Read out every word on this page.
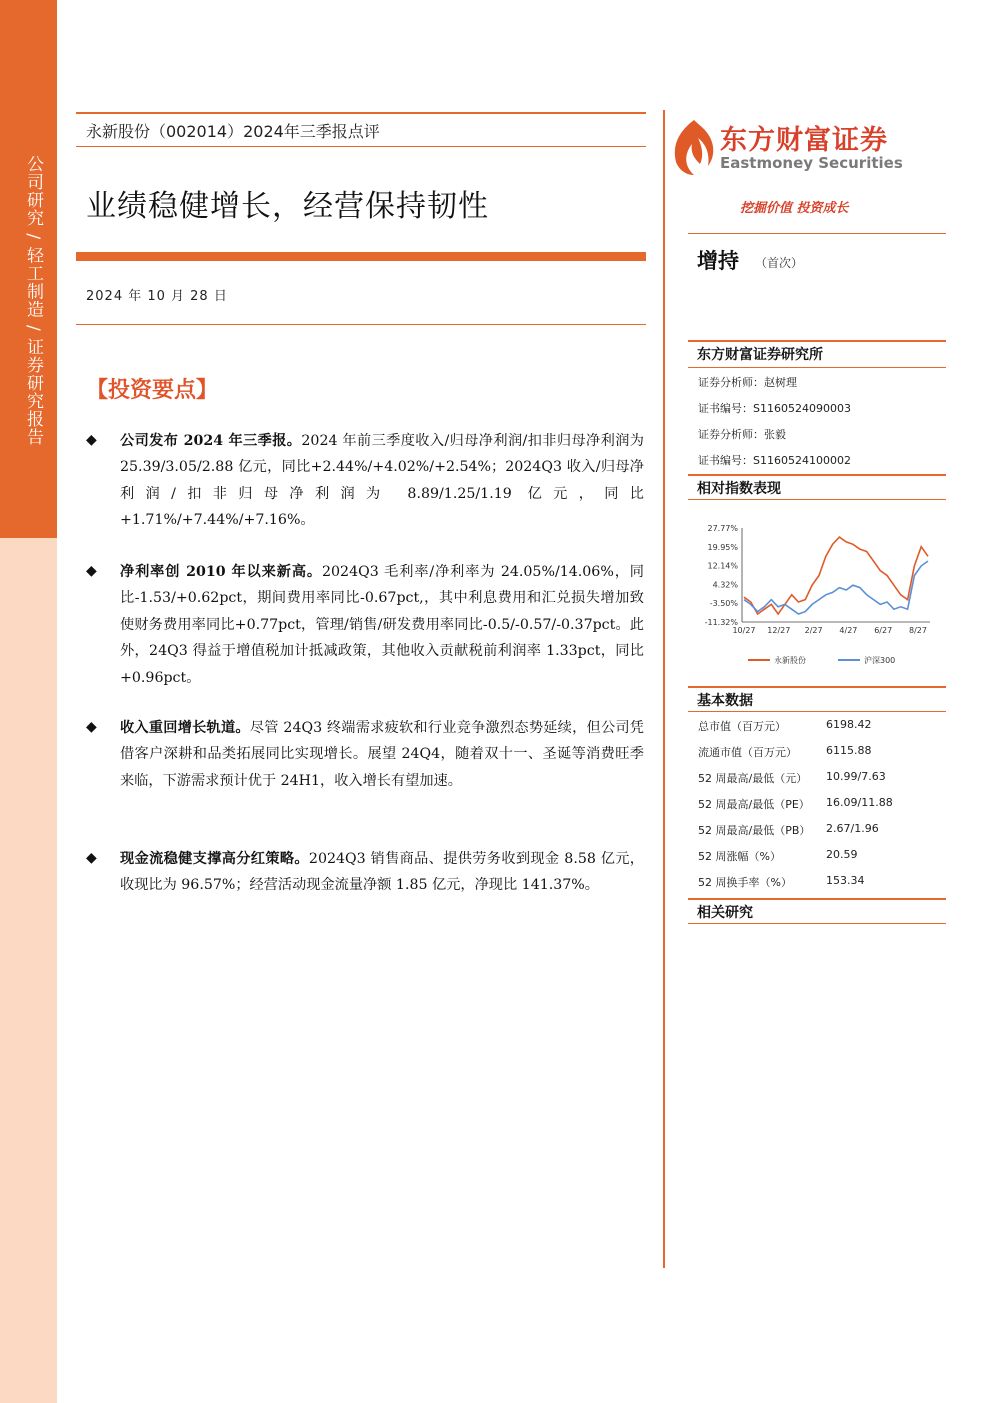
公司研究 / 轻工制造 / 证券研究报告
永新股份（002014）2024年三季报点评
业绩稳健增长，经营保持韧性
2024 年 10 月 28 日
【投资要点】
◆ 公司发布 2024 年三季报。2024 年前三季度收入/归母净利润/扣非归母净利润为 25.39/3.05/2.88 亿元，同比+2.44%/+4.02%/+2.54%；2024Q3 收入/归母净利润/扣非归母净利润为 8.89/1.25/1.19 亿元，同比+1.71%/+7.44%/+7.16%。
◆ 净利率创 2010 年以来新高。2024Q3 毛利率/净利率为 24.05%/14.06%，同比-1.53/+0.62pct，期间费用率同比-0.67pct,，其中利息费用和汇兑损失增加致使财务费用率同比+0.77pct，管理/销售/研发费用率同比-0.5/-0.57/-0.37pct。此外，24Q3 得益于增值税加计抵减政策，其他收入贡献税前利润率 1.33pct，同比+0.96pct。
◆ 收入重回增长轨道。尽管 24Q3 终端需求疲软和行业竞争激烈态势延续，但公司凭借客户深耕和品类拓展同比实现增长。展望 24Q4，随着双十一、圣诞等消费旺季来临，下游需求预计优于 24H1，收入增长有望加速。
◆ 现金流稳健支撑高分红策略。2024Q3 销售商品、提供劳务收到现金 8.58 亿元，收现比为 96.57%；经营活动现金流量净额 1.85 亿元，净现比 141.37%。
东方财富证券
Eastmoney Securities
挖掘价值 投资成长
增持 （首次）
东方财富证券研究所
证券分析师：赵树理
证书编号：S1160524090003
证券分析师：张毅
证书编号：S1160524100002
相对指数表现
27.77%
19.95%
12.14%
4.32%
-3.50%
-11.32%
10/27 12/27 2/27 4/27 6/27 8/27
永新股份	沪深300
基本数据
总市值（百万元）	6198.42
流通市值（百万元）	6115.88
52 周最高/最低（元） 10.99/7.63
52 周最高/最低（PE） 16.09/11.88
52 周最高/最低（PB） 2.67/1.96
52 周涨幅（%）	20.59
52 周换手率（%）	153.34
相关研究
